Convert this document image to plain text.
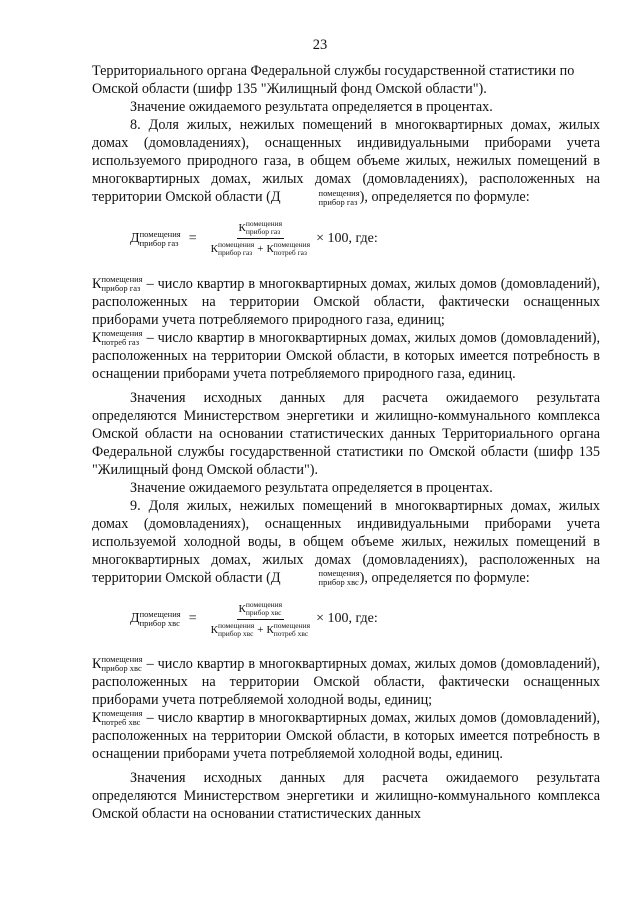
23

Территориального органа Федеральной службы государственной статистики по Омской области (шифр 135 "Жилищный фонд Омской области").

Значение ожидаемого результата определяется в процентах.

8. Доля жилых, нежилых помещений в многоквартирных домах, жилых домах (домовладениях), оснащенных индивидуальными приборами учета используемого природного газа, в общем объеме жилых, нежилых помещений в многоквартирных домах, жилых домах (домовладениях), расположенных на территории Омской области (Д	помещения
прибор газ ), определяется по формуле:

Д помещения
прибор газ = К помещения
прибор газ
К помещения
прибор газ + К помещения
потреб газ × 100, где:

К помещения
прибор газ – число квартир в многоквартирных домах, жилых домов (домовладений), расположенных на территории Омской области, фактически оснащенных приборами учета потребляемого природного газа, единиц;

К помещения
потреб газ – число квартир в многоквартирных домах, жилых домов (домовладений), расположенных на территории Омской области, в которых имеется потребность в оснащении приборами учета потребляемого природного газа, единиц.

Значения исходных данных для расчета ожидаемого результата определяются Министерством энергетики и жилищно-коммунального комплекса Омской области на основании статистических данных Территориального органа Федеральной службы государственной статистики по Омской области (шифр 135 "Жилищный фонд Омской области").

Значение ожидаемого результата определяется в процентах.

9. Доля жилых, нежилых помещений в многоквартирных домах, жилых домах (домовладениях), оснащенных индивидуальными приборами учета используемой холодной воды, в общем объеме жилых, нежилых помещений в многоквартирных домах, жилых домах (домовладениях), расположенных на территории Омской области (Д	помещения
прибор хвс ), определяется по формуле:

Д помещения
прибор хвс = К помещения
прибор хвс
К помещения
прибор хвс + К помещения
потреб хвс × 100, где:

К помещения
прибор хвс – число квартир в многоквартирных домах, жилых домов (домовладений), расположенных на территории Омской области, фактически оснащенных приборами учета потребляемой холодной воды, единиц;

К помещения
потреб хвс – число квартир в многоквартирных домах, жилых домов (домовладений), расположенных на территории Омской области, в которых имеется потребность в оснащении приборами учета потребляемой холодной воды, единиц.

Значения исходных данных для расчета ожидаемого результата определяются Министерством энергетики и жилищно-коммунального комплекса Омской области на основании статистических данных
